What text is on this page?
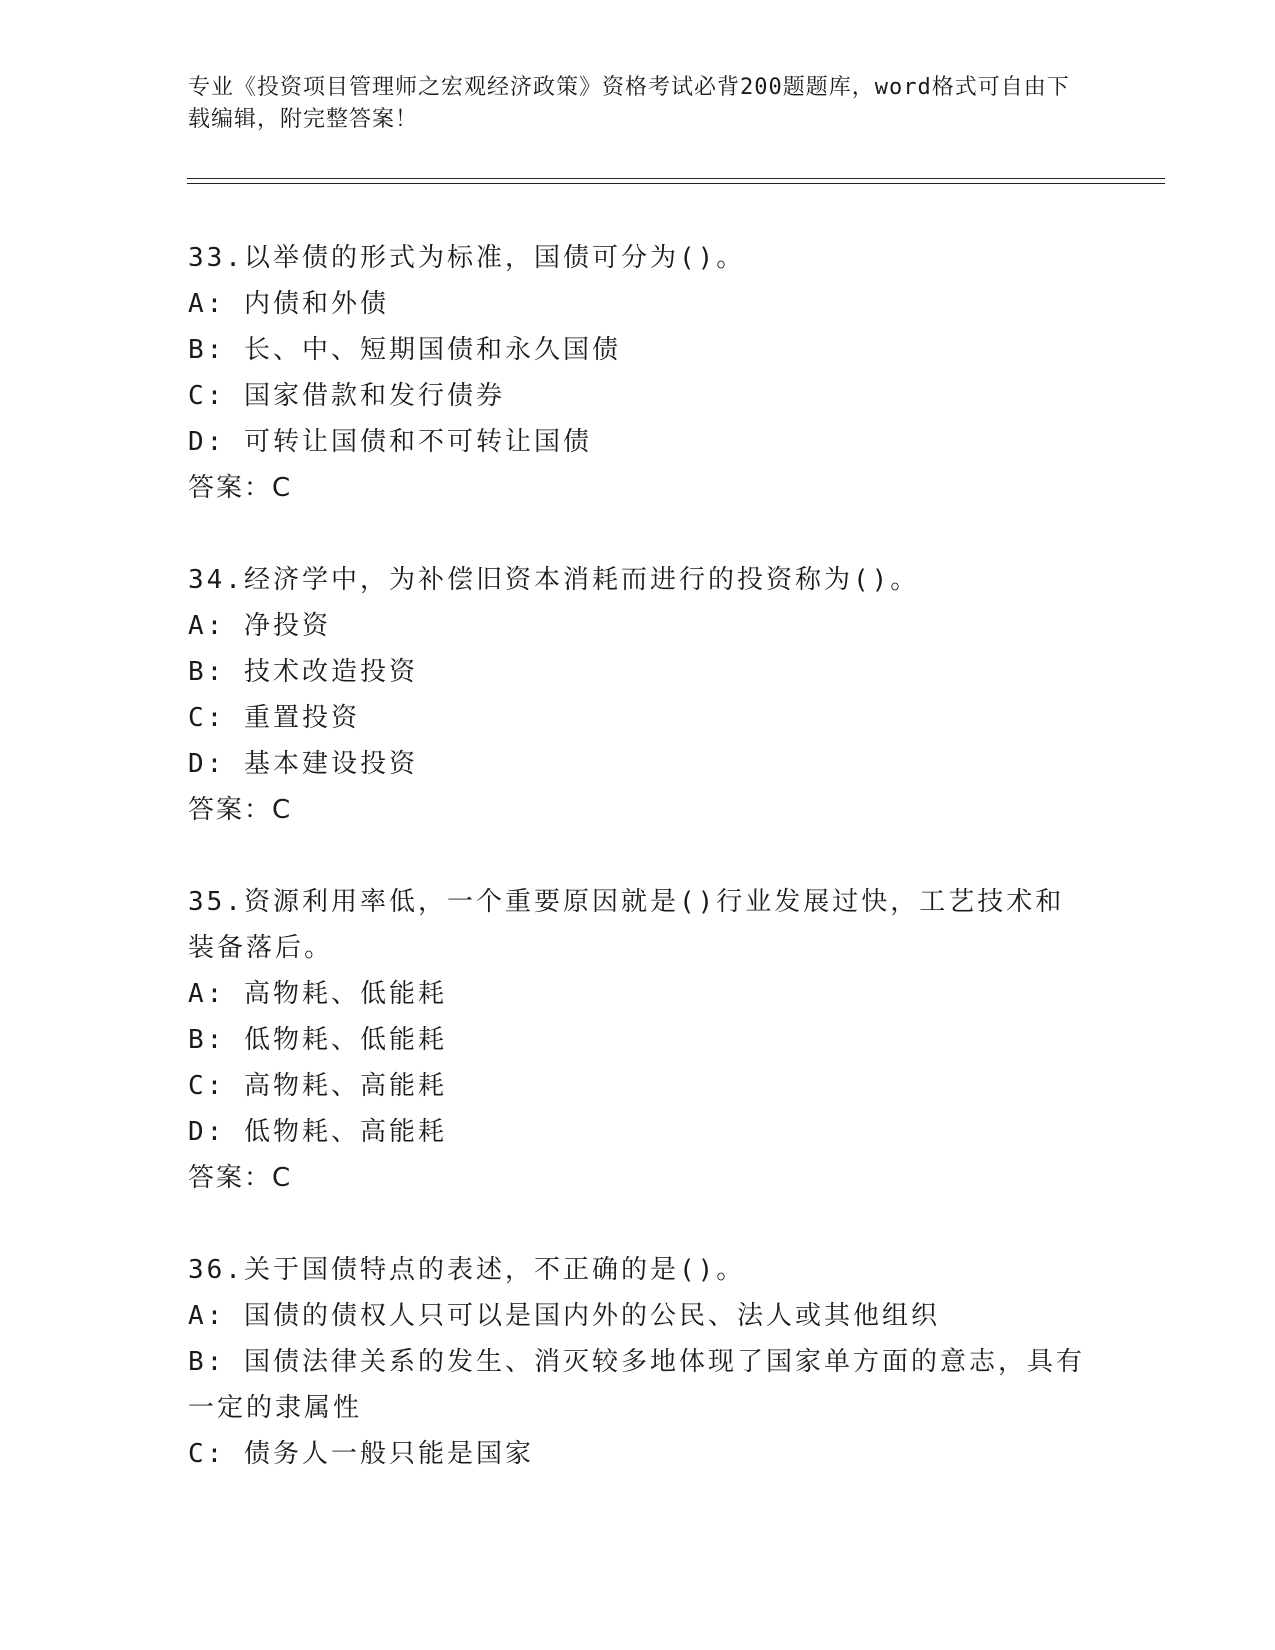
专业《投资项目管理师之宏观经济政策》资格考试必背200题题库，word格式可自由下载编辑，附完整答案！
33.以举债的形式为标准，国债可分为()。
A: 内债和外债
B: 长、中、短期国债和永久国债
C: 国家借款和发行债券
D: 可转让国债和不可转让国债
答案：C
34.经济学中，为补偿旧资本消耗而进行的投资称为()。
A: 净投资
B: 技术改造投资
C: 重置投资
D: 基本建设投资
答案：C
35.资源利用率低，一个重要原因就是()行业发展过快，工艺技术和装备落后。
A: 高物耗、低能耗
B: 低物耗、低能耗
C: 高物耗、高能耗
D: 低物耗、高能耗
答案：C
36.关于国债特点的表述，不正确的是()。
A: 国债的债权人只可以是国内外的公民、法人或其他组织
B: 国债法律关系的发生、消灭较多地体现了国家单方面的意志，具有一定的隶属性
C: 债务人一般只能是国家
